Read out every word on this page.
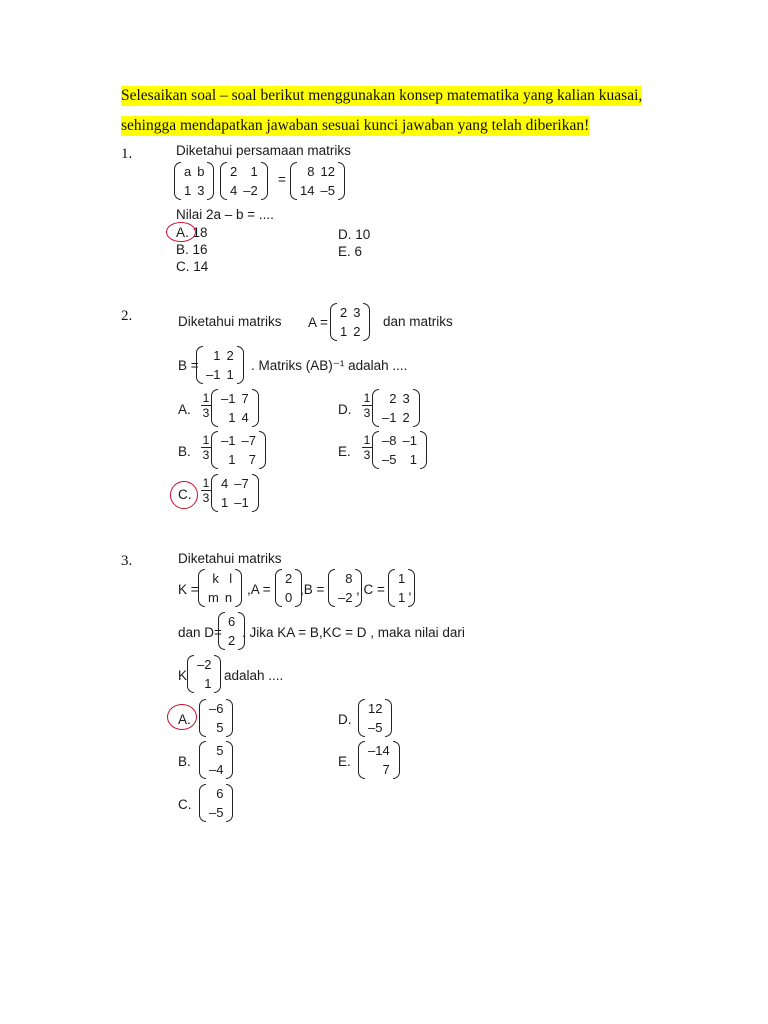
Selesaikan soal – soal berikut menggunakan konsep matematika yang kalian kuasai,
sehingga mendapatkan jawaban sesuai kunci jawaban yang telah diberikan!
1.	Diketahui persamaan matriks
a	b
1	3
2	1
4	–2
=
8	12
14	–5
Nilai 2a – b = ....
A. 18
B. 16
C. 14
D. 10
E. 6
2.	Diketahui matriks A =
2	3
1	2
dan matriks
B =
1	2
–1	1
. Matriks (AB)⁻¹ adalah ....
A. $\frac{1}{3} -1$	7
1	4
B. $\frac{1}{3} -1$	–7
1	7
C. $\frac{1}{3} 4$	–7
1	–1
D. $\frac{1}{3} 2$	3
–1	2
E. $\frac{1}{3} -8$	–1
–5	1
3.	Diketahui matriks
K =
k	l
m	n
,A =
2
0
,B =
8
–2
, C =
1
1
,
dan D=
6
2
. Jika KA = B,KC = D , maka nilai dari
K
–2
1
adalah ....
A.
–6
5
B.
5
–4
C.
6
–5
D.
12
–5
E.
–14
7
